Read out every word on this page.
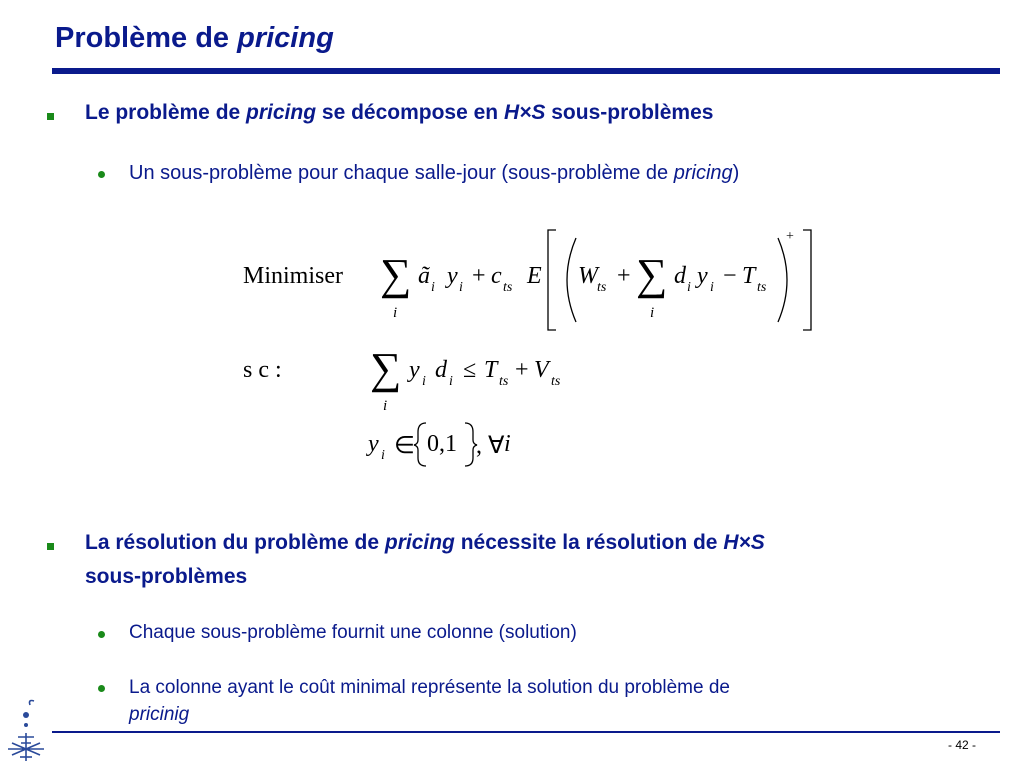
Problème de pricing
Le problème de pricing se décompose en H×S sous-problèmes
Un sous-problème pour chaque salle-jour (sous-problème de pricing)
Minimiser ∑
i
ã i y i + c ts E W ts + ∑
i
d i y i − T ts
+
s c : ∑
i
y i d i ≤ T ts + V ts
y i ∈ 0,1 , ∀ i
La résolution du problème de pricing nécessite la résolution de H×S
sous-problèmes
Chaque sous-problème fournit une colonne (solution)
La colonne ayant le coût minimal représente la solution du problème de
pricinig
- 42 -
